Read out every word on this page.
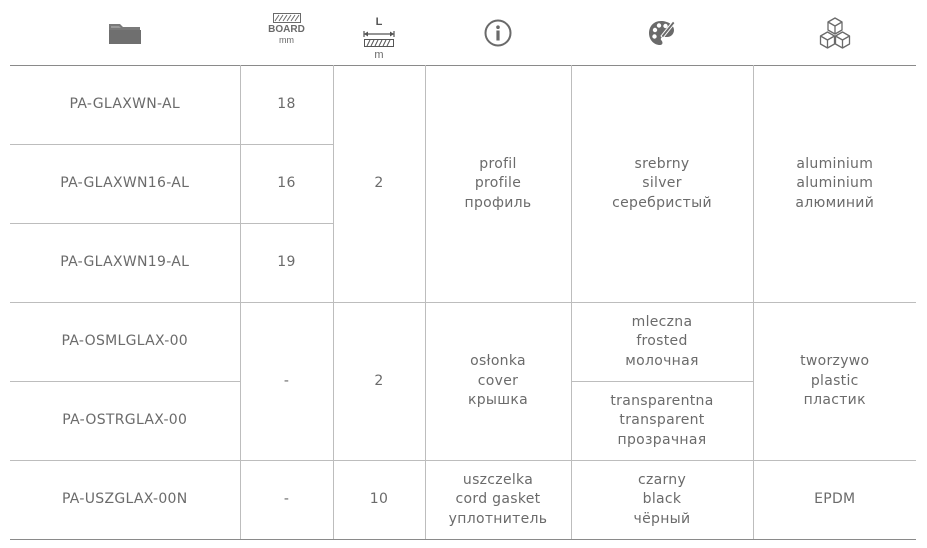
BOARD
mm
L
m
PA-GLAXWN-AL	18	2	profil
profile
профиль	srebrny
silver
серебристый	aluminium
aluminium
алюминий

PA-GLAXWN16-AL	16				
PA-GLAXWN19-AL	19				
PA-OSMLGLAX-00	-	2	osłonka
cover
крышка	mleczna
frosted
молочная	tworzywo
plastic
пластик

PA-OSTRGLAX-00				transparentna
transparent
прозрачная	

PA-USZGLAX-00N	-	10	uszczelka
cord gasket
уплотнитель	czarny
black
чёрный	EPDM
